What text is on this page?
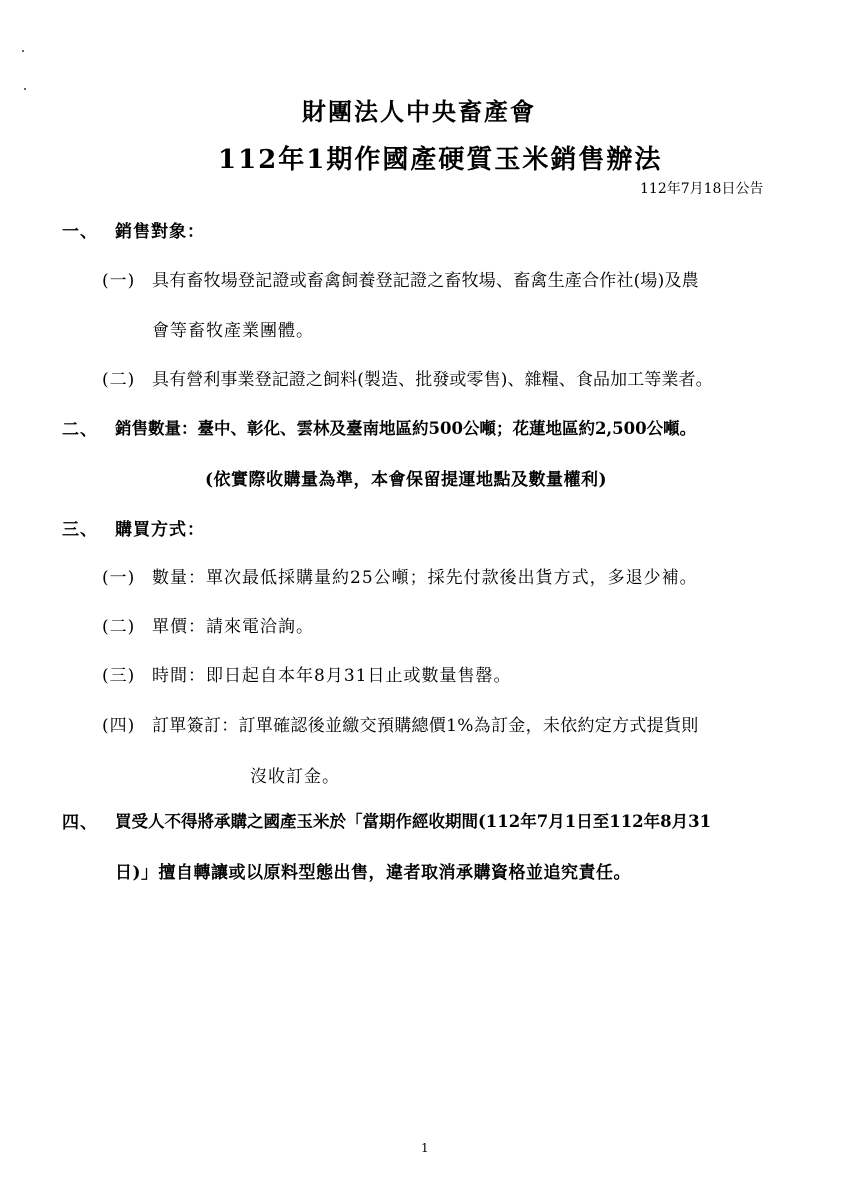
財團法人中央畜產會
112年1期作國產硬質玉米銷售辦法
112年7月18日公告
一、 銷售對象：
(一) 具有畜牧場登記證或畜禽飼養登記證之畜牧場、畜禽生產合作社(場)及農
會等畜牧產業團體。
(二) 具有營利事業登記證之飼料(製造、批發或零售)、雜糧、食品加工等業者。
二、 銷售數量：臺中、彰化、雲林及臺南地區約500公噸；花蓮地區約2,500公噸。
(依實際收購量為準，本會保留提運地點及數量權利)
三、 購買方式：
(一) 數量：單次最低採購量約25公噸；採先付款後出貨方式，多退少補。
(二) 單價：請來電洽詢。
(三) 時間：即日起自本年8月31日止或數量售罄。
(四) 訂單簽訂：訂單確認後並繳交預購總價1%為訂金，未依約定方式提貨則
沒收訂金。
四、 買受人不得將承購之國產玉米於「當期作經收期間(112年7月1日至112年8月31
日)」擅自轉讓或以原料型態出售，違者取消承購資格並追究責任。
1
